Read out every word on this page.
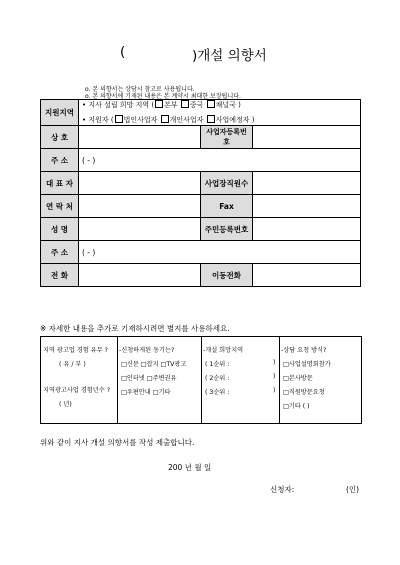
(	)개설 의향서
o. 본 의향서는 상담시 참고로 사용됩니다.
o. 본 의향서에 기재된 내용은 본 계약시 최대한 보장됩니다.
지원지역	• 지사 설립 희망 지역 ( 본부 중국 채널국 )
• 지원자 ( 법인사업자 개인사업자 사업예정자 )		

상 호		사업자등록번호	
주 소	( - )		
대 표 자		사업장직원수	
연 락 처		Fax	
성 명		주민등록번호	
주 소	( - )		
전 화		이동전화	
※ 자세한 내용을 추가로 기재하시려면 별지를 사용하세요.
지역 광고업 경험 유무 ?
( 유 / 부 )
지역광고사업 경험년수 ?
( 년)
-신청하게된 동기는?
□신문 □잡지 □TV광고
□인터넷 □주변권유
□우편안내 □기타
-개설 희망지역
( 1순위 :	)
( 2순위 :	)
( 3순위 :	)
-상담 요청 방식?
□사업설명회참가
□본사방문
□직원방문요청
□기타 ( )
위와 같이 지사 개설 의향서를 작성 제출합니다.
200 년 월 일
신청자:	(인)
